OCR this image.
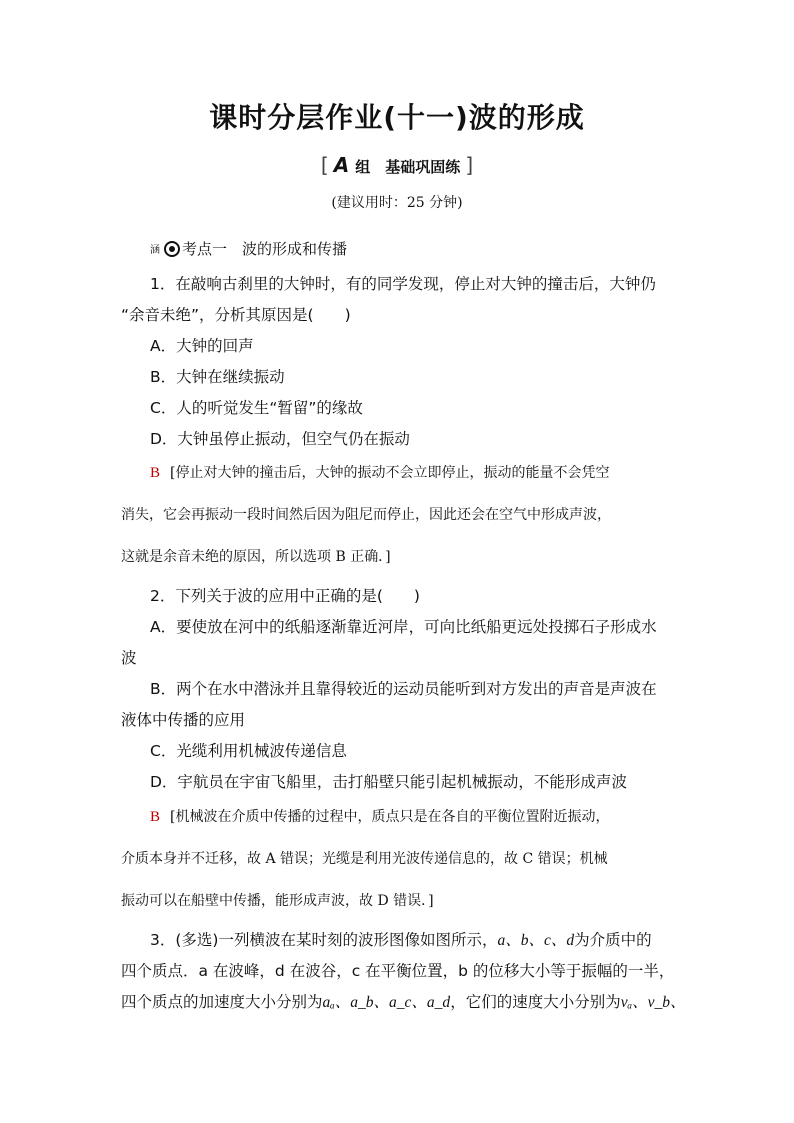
课时分层作业(十一)波的形成
[ A 组　基础巩固练 ]
(建议用时：25 分钟)
涵 考点一　波的形成和传播
1．在敲响古刹里的大钟时，有的同学发现，停止对大钟的撞击后，大钟仍
“余音未绝”，分析其原因是(　　)
A．大钟的回声
B．大钟在继续振动
C．人的听觉发生“暂留”的缘故
D．大钟虽停止振动，但空气仍在振动
B [停止对大钟的撞击后，大钟的振动不会立即停止，振动的能量不会凭空
消失，它会再振动一段时间然后因为阻尼而停止，因此还会在空气中形成声波，
这就是余音未绝的原因，所以选项 B 正确．]
2．下列关于波的应用中正确的是(　　)
A．要使放在河中的纸船逐渐靠近河岸，可向比纸船更远处投掷石子形成水
波
B．两个在水中潜泳并且靠得较近的运动员能听到对方发出的声音是声波在
液体中传播的应用
C．光缆利用机械波传递信息
D．宇航员在宇宙飞船里，击打船壁只能引起机械振动，不能形成声波
B [机械波在介质中传播的过程中，质点只是在各自的平衡位置附近振动，
介质本身并不迁移，故 A 错误；光缆是利用光波传递信息的，故 C 错误；机械
振动可以在船壁中传播，能形成声波，故 D 错误．]
3．(多选)一列横波在某时刻的波形图像如图所示，a、b、c、d为介质中的
四个质点．a 在波峰，d 在波谷，c 在平衡位置，b 的位移大小等于振幅的一半，
四个质点的加速度大小分别为aₐ、a_b、a_c、a_d，它们的速度大小分别为vₐ、v_b、
